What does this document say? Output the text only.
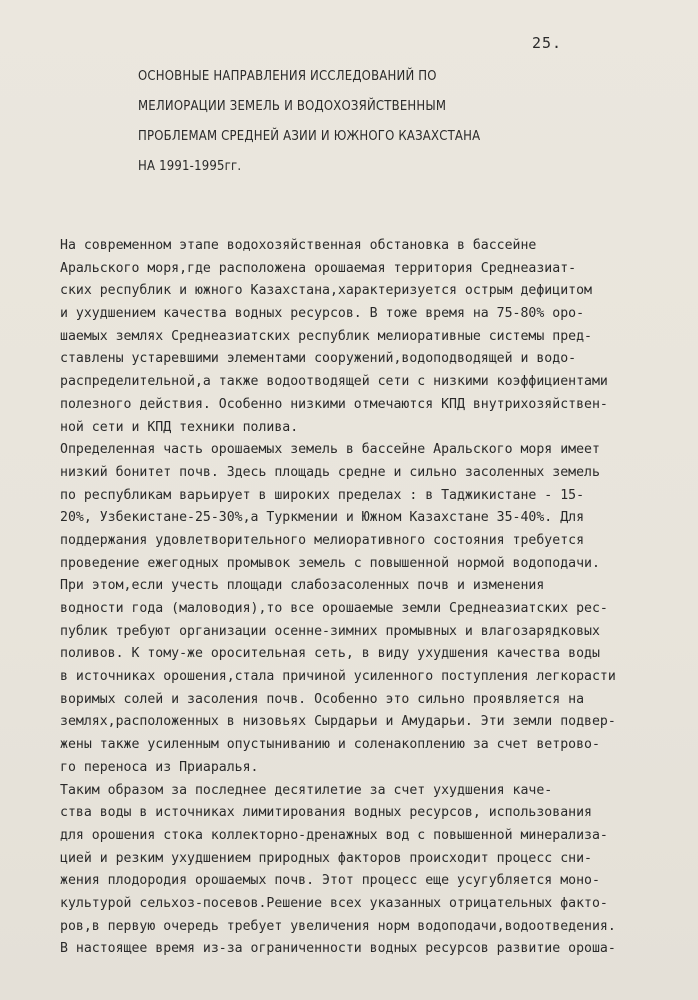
25.
ОСНОВНЫЕ НАПРАВЛЕНИЯ ИССЛЕДОВАНИЙ ПО
МЕЛИОРАЦИИ ЗЕМЕЛЬ И ВОДОХОЗЯЙСТВЕННЫМ
ПРОБЛЕМАМ СРЕДНЕЙ АЗИИ И ЮЖНОГО КАЗАХСТАНА
НА 1991-1995гг.
На современном этапе водохозяйственная обстановка в бассейне
Аральского моря,где расположена орошаемая территория Среднеазиат-
ских республик и южного Казахстана,характеризуется острым дефицитом
и ухудшением качества водных ресурсов. В тоже время на 75-80% оро-
шаемых землях Среднеазиатских республик мелиоративные системы пред-
ставлены устаревшими элементами сооружений,водоподводящей и водо-
распределительной,а также водоотводящей сети с низкими коэффициентами
полезного действия. Особенно низкими отмечаются КПД внутрихозяйствен-
ной сети и КПД техники полива.
Определенная часть орошаемых земель в бассейне Аральского моря имеет
низкий бонитет почв. Здесь площадь средне и сильно засоленных земель
по республикам варьирует в широких пределах : в Таджикистане - 15-
20%, Узбекистане-25-30%,а Туркмении и Южном Казахстане 35-40%. Для
поддержания удовлетворительного мелиоративного состояния требуется
проведение ежегодных промывок земель с повышенной нормой водоподачи.
При этом,если учесть площади слабозасоленных почв и изменения
водности года (маловодия),то все орошаемые земли Среднеазиатских рес-
публик требуют организации осенне-зимних промывных и влагозарядковых
поливов. К тому-же оросительная сеть, в виду ухудшения качества воды
в источниках орошения,стала причиной усиленного поступления легкорасти
воримых солей и засоления почв. Особенно это сильно проявляется на
землях,расположенных в низовьях Сырдарьи и Амударьи. Эти земли подвер-
жены также усиленным опустыниванию и соленакоплению за счет ветрово-
го переноса из Приаралья.
Таким образом за последнее десятилетие за счет ухудшения каче-
ства воды в источниках лимитирования водных ресурсов, использования
для орошения стока коллекторно-дренажных вод с повышенной минерализа-
цией и резким ухудшением природных факторов происходит процесс сни-
жения плодородия орошаемых почв. Этот процесс еще усугубляется моно-
культурой сельхоз-посевов.Решение всех указанных отрицательных факто-
ров,в первую очередь требует увеличения норм водоподачи,водоотведения.
В настоящее время из-за ограниченности водных ресурсов развитие ороша-
